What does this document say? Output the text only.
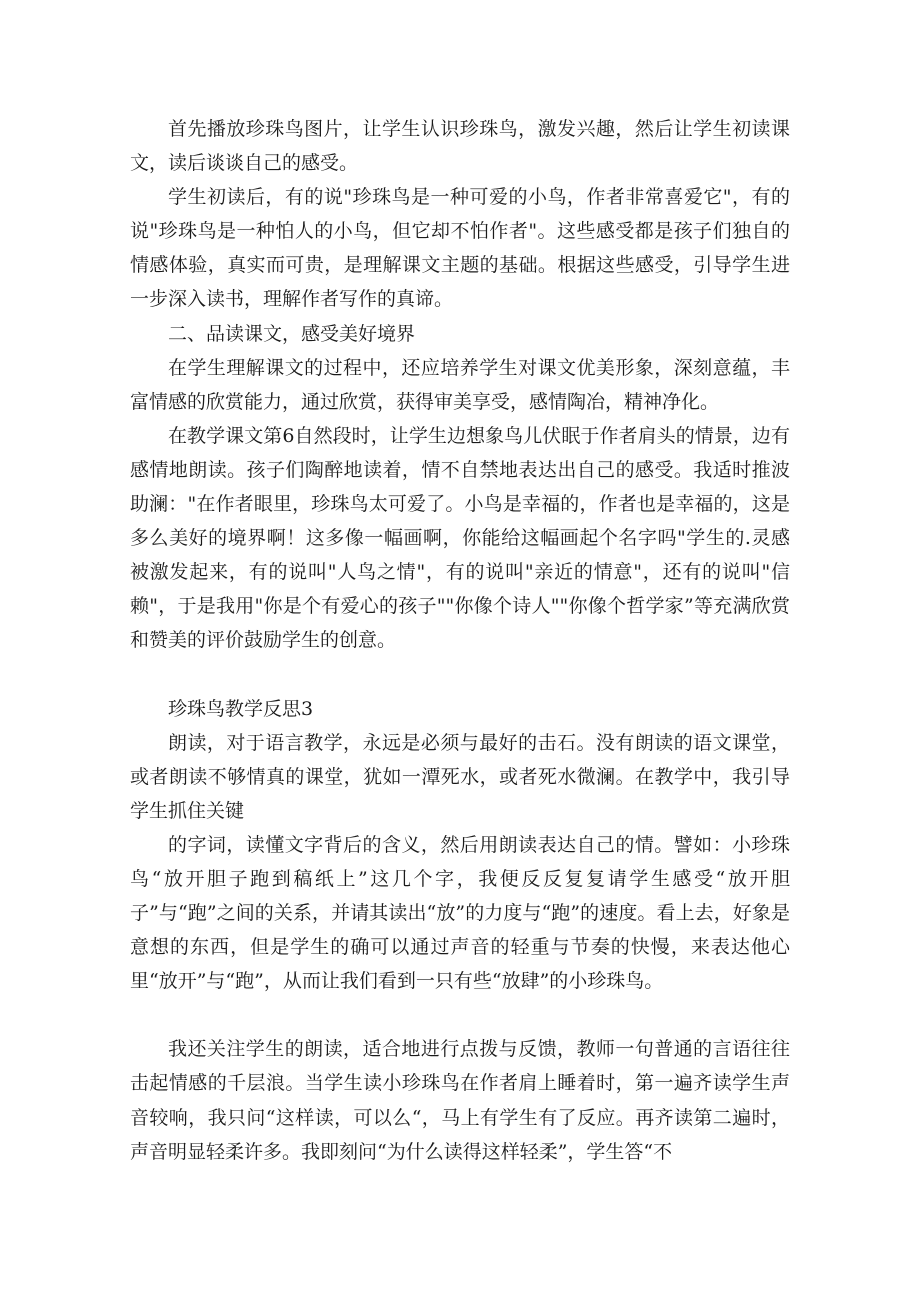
首先播放珍珠鸟图片，让学生认识珍珠鸟，激发兴趣，然后让学生初读课文，读后谈谈自己的感受。

学生初读后，有的说"珍珠鸟是一种可爱的小鸟，作者非常喜爱它"，有的说"珍珠鸟是一种怕人的小鸟，但它却不怕作者"。这些感受都是孩子们独自的情感体验，真实而可贵，是理解课文主题的基础。根据这些感受，引导学生进一步深入读书，理解作者写作的真谛。

二、品读课文，感受美好境界

在学生理解课文的过程中，还应培养学生对课文优美形象，深刻意蕴，丰富情感的欣赏能力，通过欣赏，获得审美享受，感情陶冶，精神净化。

在教学课文第6自然段时，让学生边想象鸟儿伏眠于作者肩头的情景，边有感情地朗读。孩子们陶醉地读着，情不自禁地表达出自己的感受。我适时推波助澜："在作者眼里，珍珠鸟太可爱了。小鸟是幸福的，作者也是幸福的，这是多么美好的境界啊！这多像一幅画啊，你能给这幅画起个名字吗"学生的.灵感被激发起来，有的说叫"人鸟之情"，有的说叫"亲近的情意"，还有的说叫"信赖"，于是我用"你是个有爱心的孩子""你像个诗人""你像个哲学家”等充满欣赏和赞美的评价鼓励学生的创意。

珍珠鸟教学反思3

朗读，对于语言教学，永远是必须与最好的击石。没有朗读的语文课堂，或者朗读不够情真的课堂，犹如一潭死水，或者死水微澜。在教学中，我引导学生抓住关键

的字词，读懂文字背后的含义，然后用朗读表达自己的情。譬如：小珍珠鸟“放开胆子跑到稿纸上”这几个字，我便反反复复请学生感受“放开胆子”与“跑”之间的关系，并请其读出“放”的力度与“跑”的速度。看上去，好象是意想的东西，但是学生的确可以通过声音的轻重与节奏的快慢，来表达他心里“放开”与“跑”，从而让我们看到一只有些“放肆”的小珍珠鸟。

我还关注学生的朗读，适合地进行点拨与反馈，教师一句普通的言语往往击起情感的千层浪。当学生读小珍珠鸟在作者肩上睡着时，第一遍齐读学生声音较响，我只问“这样读，可以么“，马上有学生有了反应。再齐读第二遍时，声音明显轻柔许多。我即刻问“为什么读得这样轻柔”，学生答“不
